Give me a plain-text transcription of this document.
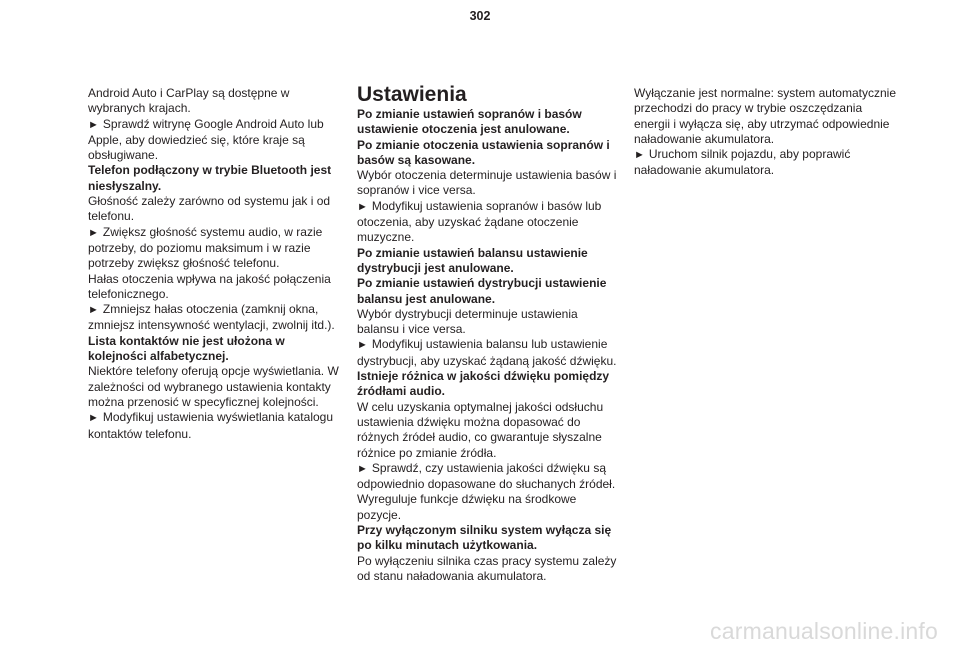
302

Android Auto i CarPlay są dostępne w wybranych krajach.

► Sprawdź witrynę Google Android Auto lub Apple, aby dowiedzieć się, które kraje są obsługiwane.

Telefon podłączony w trybie Bluetooth jest niesłyszalny.

Głośność zależy zarówno od systemu jak i od telefonu.

► Zwiększ głośność systemu audio, w razie potrzeby, do poziomu maksimum i w razie potrzeby zwiększ głośność telefonu.

Hałas otoczenia wpływa na jakość połączenia telefonicznego.

► Zmniejsz hałas otoczenia (zamknij okna, zmniejsz intensywność wentylacji, zwolnij itd.).

Lista kontaktów nie jest ułożona w kolejności alfabetycznej.

Niektóre telefony oferują opcje wyświetlania. W zależności od wybranego ustawienia kontakty można przenosić w specyficznej kolejności.

► Modyfikuj ustawienia wyświetlania katalogu kontaktów telefonu.

Ustawienia

Po zmianie ustawień sopranów i basów ustawienie otoczenia jest anulowane.

Po zmianie otoczenia ustawienia sopranów i basów są kasowane.

Wybór otoczenia determinuje ustawienia basów i sopranów i vice versa.

► Modyfikuj ustawienia sopranów i basów lub otoczenia, aby uzyskać żądane otoczenie muzyczne.

Po zmianie ustawień balansu ustawienie dystrybucji jest anulowane.

Po zmianie ustawień dystrybucji ustawienie balansu jest anulowane.

Wybór dystrybucji determinuje ustawienia balansu i vice versa.

► Modyfikuj ustawienia balansu lub ustawienie dystrybucji, aby uzyskać żądaną jakość dźwięku.

Istnieje różnica w jakości dźwięku pomiędzy źródłami audio.

W celu uzyskania optymalnej jakości odsłuchu ustawienia dźwięku można dopasować do różnych źródeł audio, co gwarantuje słyszalne różnice po zmianie źródła.

► Sprawdź, czy ustawienia jakości dźwięku są odpowiednio dopasowane do słuchanych źródeł. Wyreguluje funkcje dźwięku na środkowe pozycje.

Przy wyłączonym silniku system wyłącza się po kilku minutach użytkowania.

Po wyłączeniu silnika czas pracy systemu zależy od stanu naładowania akumulatora.

Wyłączanie jest normalne: system automatycznie przechodzi do pracy w trybie oszczędzania energii i wyłącza się, aby utrzymać odpowiednie naładowanie akumulatora.

► Uruchom silnik pojazdu, aby poprawić naładowanie akumulatora.

carmanualsonline.info
